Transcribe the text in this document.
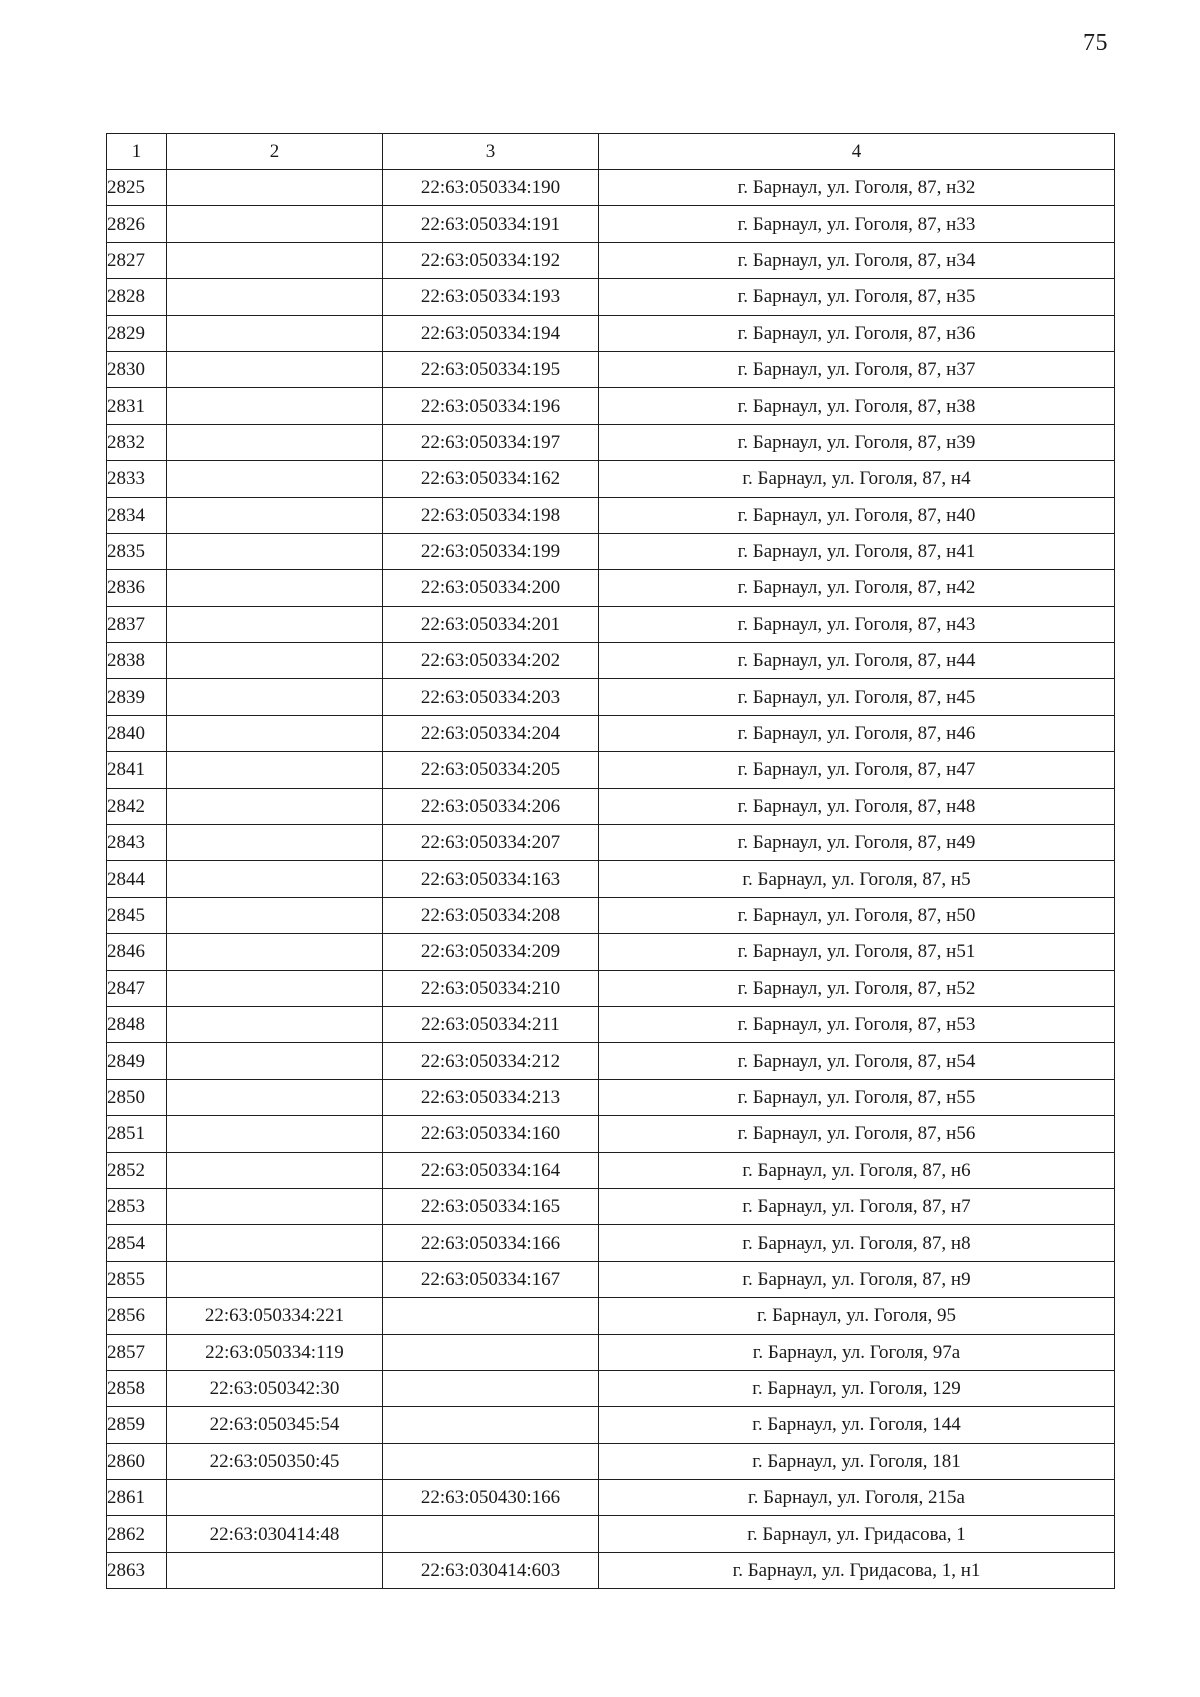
75
1	2	3	4
2825		22:63:050334:190	г. Барнаул, ул. Гоголя, 87, н32
2826		22:63:050334:191	г. Барнаул, ул. Гоголя, 87, н33
2827		22:63:050334:192	г. Барнаул, ул. Гоголя, 87, н34
2828		22:63:050334:193	г. Барнаул, ул. Гоголя, 87, н35
2829		22:63:050334:194	г. Барнаул, ул. Гоголя, 87, н36
2830		22:63:050334:195	г. Барнаул, ул. Гоголя, 87, н37
2831		22:63:050334:196	г. Барнаул, ул. Гоголя, 87, н38
2832		22:63:050334:197	г. Барнаул, ул. Гоголя, 87, н39
2833		22:63:050334:162	г. Барнаул, ул. Гоголя, 87, н4
2834		22:63:050334:198	г. Барнаул, ул. Гоголя, 87, н40
2835		22:63:050334:199	г. Барнаул, ул. Гоголя, 87, н41
2836		22:63:050334:200	г. Барнаул, ул. Гоголя, 87, н42
2837		22:63:050334:201	г. Барнаул, ул. Гоголя, 87, н43
2838		22:63:050334:202	г. Барнаул, ул. Гоголя, 87, н44
2839		22:63:050334:203	г. Барнаул, ул. Гоголя, 87, н45
2840		22:63:050334:204	г. Барнаул, ул. Гоголя, 87, н46
2841		22:63:050334:205	г. Барнаул, ул. Гоголя, 87, н47
2842		22:63:050334:206	г. Барнаул, ул. Гоголя, 87, н48
2843		22:63:050334:207	г. Барнаул, ул. Гоголя, 87, н49
2844		22:63:050334:163	г. Барнаул, ул. Гоголя, 87, н5
2845		22:63:050334:208	г. Барнаул, ул. Гоголя, 87, н50
2846		22:63:050334:209	г. Барнаул, ул. Гоголя, 87, н51
2847		22:63:050334:210	г. Барнаул, ул. Гоголя, 87, н52
2848		22:63:050334:211	г. Барнаул, ул. Гоголя, 87, н53
2849		22:63:050334:212	г. Барнаул, ул. Гоголя, 87, н54
2850		22:63:050334:213	г. Барнаул, ул. Гоголя, 87, н55
2851		22:63:050334:160	г. Барнаул, ул. Гоголя, 87, н56
2852		22:63:050334:164	г. Барнаул, ул. Гоголя, 87, н6
2853		22:63:050334:165	г. Барнаул, ул. Гоголя, 87, н7
2854		22:63:050334:166	г. Барнаул, ул. Гоголя, 87, н8
2855		22:63:050334:167	г. Барнаул, ул. Гоголя, 87, н9
2856	22:63:050334:221		г. Барнаул, ул. Гоголя, 95
2857	22:63:050334:119		г. Барнаул, ул. Гоголя, 97а
2858	22:63:050342:30		г. Барнаул, ул. Гоголя, 129
2859	22:63:050345:54		г. Барнаул, ул. Гоголя, 144
2860	22:63:050350:45		г. Барнаул, ул. Гоголя, 181
2861		22:63:050430:166	г. Барнаул, ул. Гоголя, 215а
2862	22:63:030414:48		г. Барнаул, ул. Гридасова, 1
2863		22:63:030414:603	г. Барнаул, ул. Гридасова, 1, н1
